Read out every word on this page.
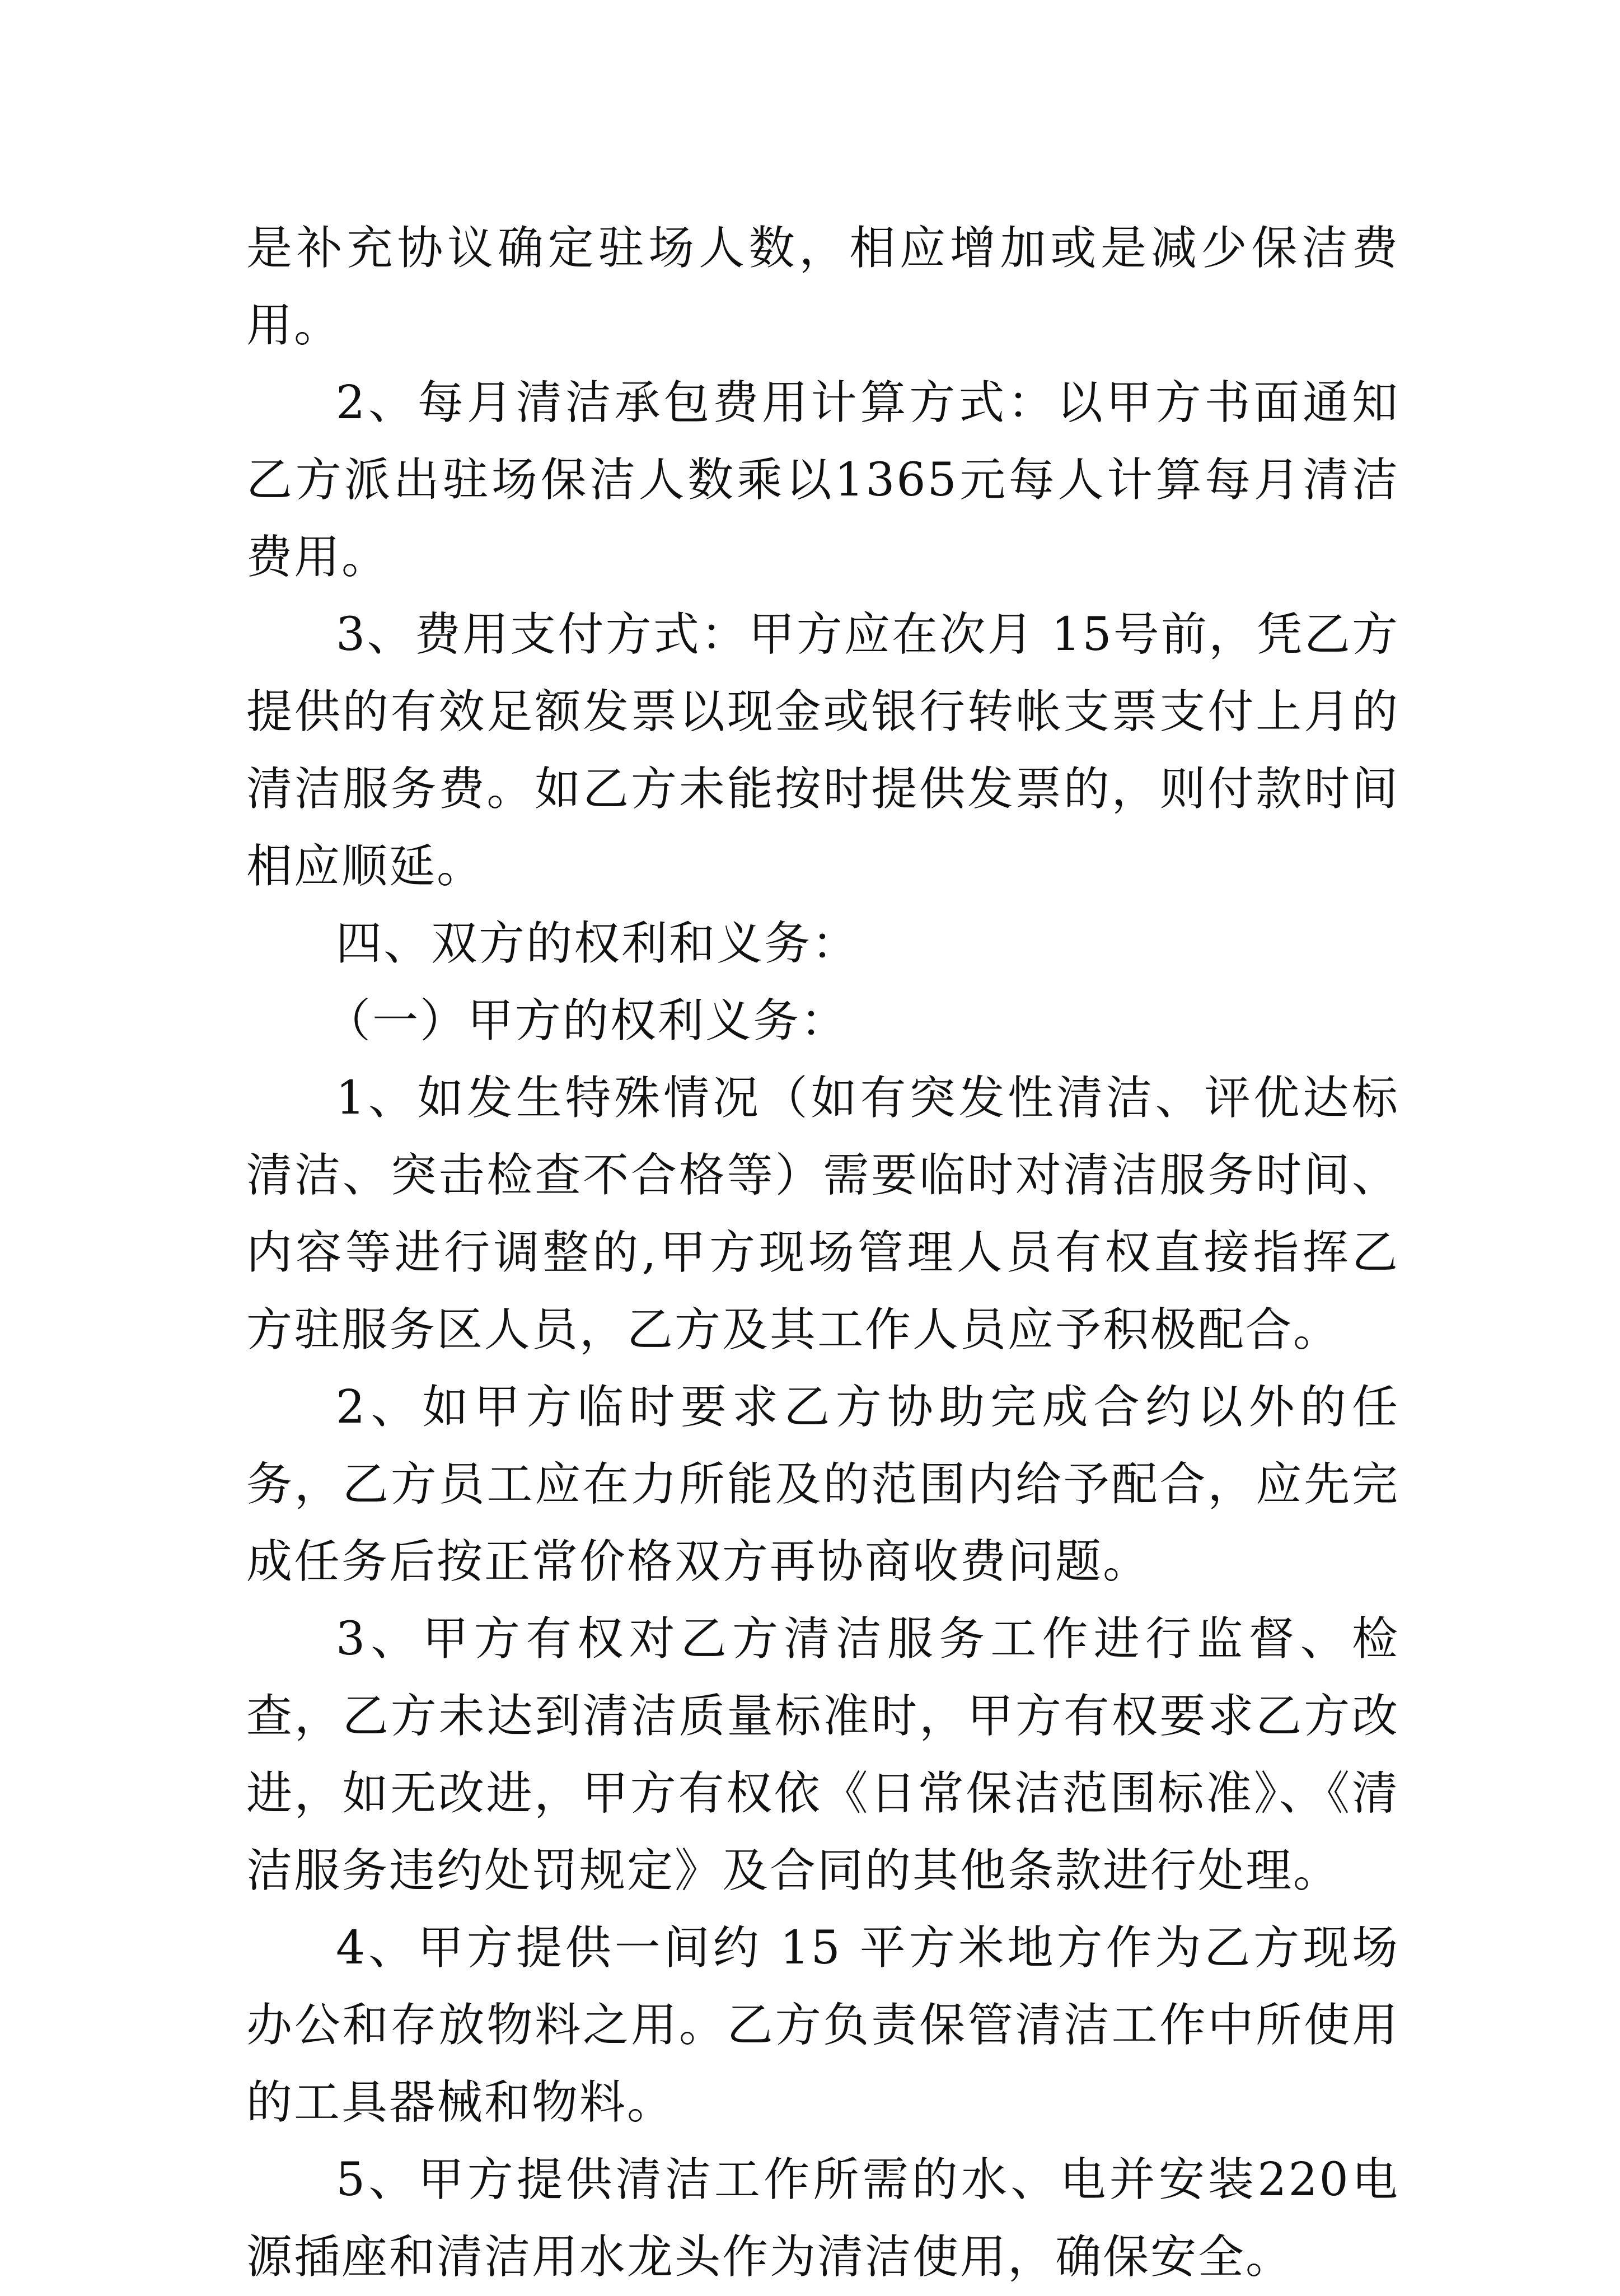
是补充协议确定驻场人数，相应增加或是减少保洁费用。

2、每月清洁承包费用计算方式：以甲方书面通知乙方派出驻场保洁人数乘以1365元每人计算每月清洁费用。

3、费用支付方式：甲方应在次月 15号前，凭乙方提供的有效足额发票以现金或银行转帐支票支付上月的清洁服务费。如乙方未能按时提供发票的，则付款时间相应顺延。

四、双方的权利和义务：

（一）甲方的权利义务：

1、如发生特殊情况（如有突发性清洁、评优达标清洁、突击检查不合格等）需要临时对清洁服务时间、内容等进行调整的,甲方现场管理人员有权直接指挥乙方驻服务区人员，乙方及其工作人员应予积极配合。

2、如甲方临时要求乙方协助完成合约以外的任务，乙方员工应在力所能及的范围内给予配合，应先完成任务后按正常价格双方再协商收费问题。

3、甲方有权对乙方清洁服务工作进行监督、检查，乙方未达到清洁质量标准时，甲方有权要求乙方改进，如无改进，甲方有权依《日常保洁范围标准》、《清洁服务违约处罚规定》及合同的其他条款进行处理。

4、甲方提供一间约 15 平方米地方作为乙方现场办公和存放物料之用。乙方负责保管清洁工作中所使用的工具器械和物料。

5、甲方提供清洁工作所需的水、电并安装220电源插座和清洁用水龙头作为清洁使用，确保安全。
